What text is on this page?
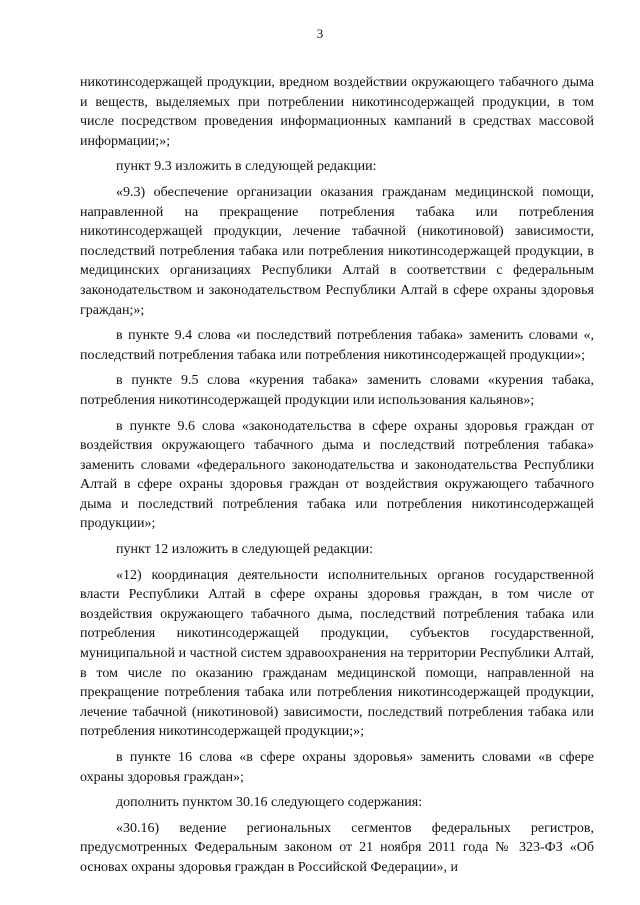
3

никотинсодержащей продукции, вредном воздействии окружающего табачного дыма и веществ, выделяемых при потреблении никотинсодержащей продукции, в том числе посредством проведения информационных кампаний в средствах массовой информации;»;

пункт 9.3 изложить в следующей редакции:

«9.3) обеспечение организации оказания гражданам медицинской помощи, направленной на прекращение потребления табака или потребления никотинсодержащей продукции, лечение табачной (никотиновой) зависимости, последствий потребления табака или потребления никотинсодержащей продукции, в медицинских организациях Республики Алтай в соответствии с федеральным законодательством и законодательством Республики Алтай в сфере охраны здоровья граждан;»;

в пункте 9.4 слова «и последствий потребления табака» заменить словами «, последствий потребления табака или потребления никотинсодержащей продукции»;

в пункте 9.5 слова «курения табака» заменить словами «курения табака, потребления никотинсодержащей продукции или использования кальянов»;

в пункте 9.6 слова «законодательства в сфере охраны здоровья граждан от воздействия окружающего табачного дыма и последствий потребления табака» заменить словами «федерального законодательства и законодательства Республики Алтай в сфере охраны здоровья граждан от воздействия окружающего табачного дыма и последствий потребления табака или потребления никотинсодержащей продукции»;

пункт 12 изложить в следующей редакции:

«12) координация деятельности исполнительных органов государственной власти Республики Алтай в сфере охраны здоровья граждан, в том числе от воздействия окружающего табачного дыма, последствий потребления табака или потребления никотинсодержащей продукции, субъектов государственной, муниципальной и частной систем здравоохранения на территории Республики Алтай, в том числе по оказанию гражданам медицинской помощи, направленной на прекращение потребления табака или потребления никотинсодержащей продукции, лечение табачной (никотиновой) зависимости, последствий потребления табака или потребления никотинсодержащей продукции;»;

в пункте 16 слова «в сфере охраны здоровья» заменить словами «в сфере охраны здоровья граждан»;

дополнить пунктом 30.16 следующего содержания:

«30.16) ведение региональных сегментов федеральных регистров, предусмотренных Федеральным законом от 21 ноября 2011 года № 323-ФЗ «Об основах охраны здоровья граждан в Российской Федерации», и
